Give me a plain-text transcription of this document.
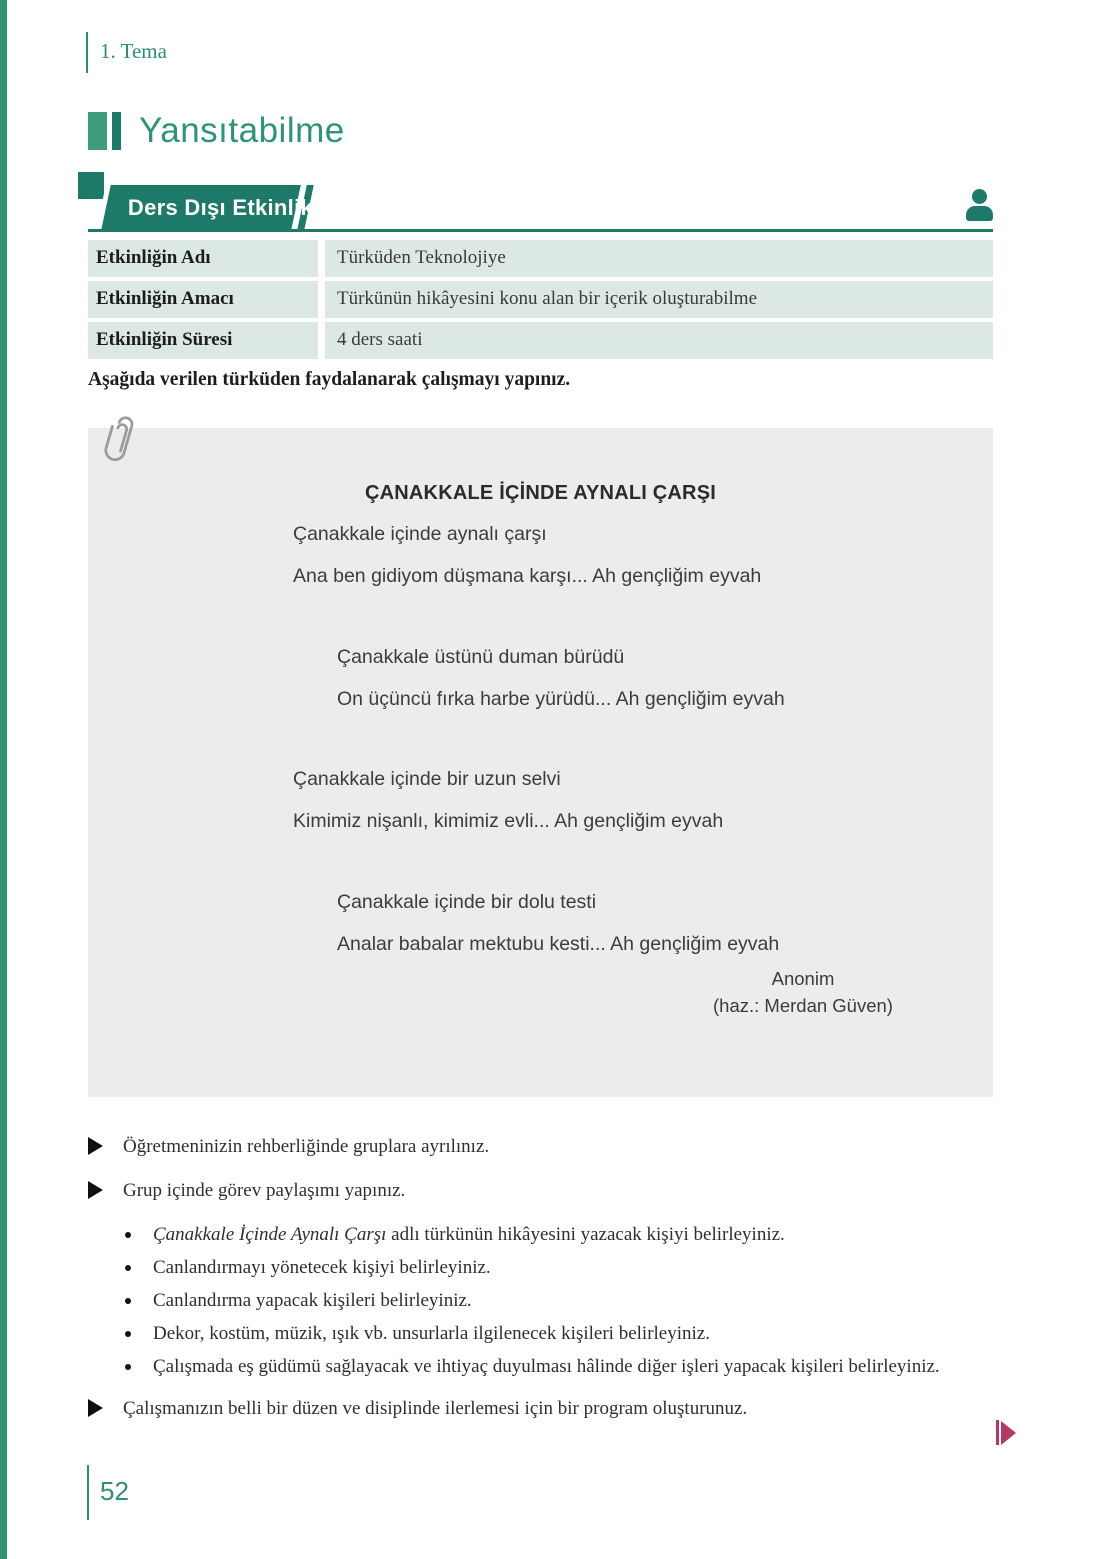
1. Tema
Yansıtabilme
Ders Dışı Etkinlik
Etkinliğin Adı	Türküden Teknolojiye
Etkinliğin Amacı	Türkünün hikâyesini konu alan bir içerik oluşturabilme
Etkinliğin Süresi	4 ders saati
Aşağıda verilen türküden faydalanarak çalışmayı yapınız.
ÇANAKKALE İÇİNDE AYNALI ÇARŞI
Çanakkale içinde aynalı çarşı
Ana ben gidiyom düşmana karşı... Ah gençliğim eyvah
Çanakkale üstünü duman bürüdü
On üçüncü fırka harbe yürüdü... Ah gençliğim eyvah
Çanakkale içinde bir uzun selvi
Kimimiz nişanlı, kimimiz evli... Ah gençliğim eyvah
Çanakkale içinde bir dolu testi
Analar babalar mektubu kesti... Ah gençliğim eyvah
Anonim
(haz.: Merdan Güven)
Öğretmeninizin rehberliğinde gruplara ayrılınız.
Grup içinde görev paylaşımı yapınız.
Çanakkale İçinde Aynalı Çarşı adlı türkünün hikâyesini yazacak kişiyi belirleyiniz.
Canlandırmayı yönetecek kişiyi belirleyiniz.
Canlandırma yapacak kişileri belirleyiniz.
Dekor, kostüm, müzik, ışık vb. unsurlarla ilgilenecek kişileri belirleyiniz.
Çalışmada eş güdümü sağlayacak ve ihtiyaç duyulması hâlinde diğer işleri yapacak kişileri belirleyiniz.
Çalışmanızın belli bir düzen ve disiplinde ilerlemesi için bir program oluşturunuz.
52
